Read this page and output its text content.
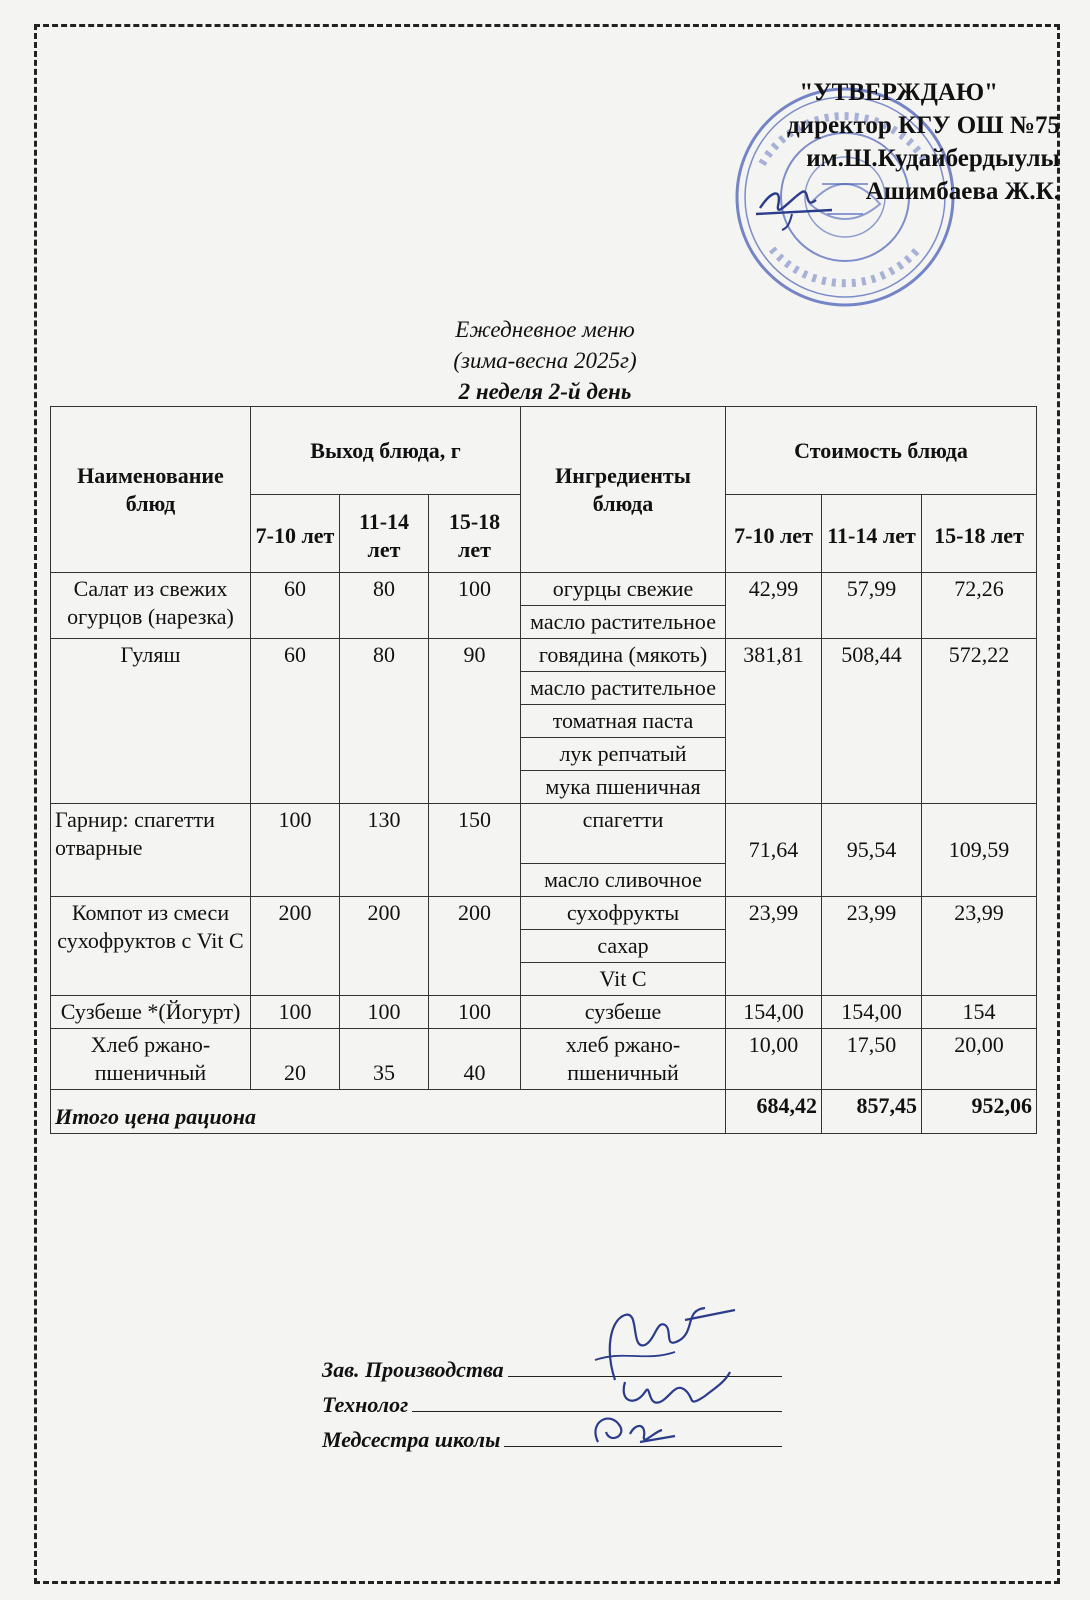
"УТВЕРЖДАЮ"
директор КГУ ОШ №75
им.Ш.Кудайбердыулы
Ашимбаева Ж.К.
Ежедневное меню
(зима-весна 2025г)
2 неделя 2-й день
Наименование блюд	Выход блюда, г			Ингредиенты блюда	Стоимость блюда		
	7-10 лет	11-14 лет	15-18 лет		7-10 лет	11-14 лет	15-18 лет
Салат из свежих огурцов (нарезка)	60	80	100	огурцы свежие	42,99	57,99	72,26
				масло растительное			
Гуляш	60	80	90	говядина (мякоть)	381,81	508,44	572,22
				масло растительное			
				томатная паста			
				лук репчатый			
				мука пшеничная			
Гарнир: спагетти отварные	100	130	150	спагетти	71,64	95,54	109,59
				масло сливочное			
Компот из смеси сухофруктов с Vit C	200	200	200	сухофрукты	23,99	23,99	23,99
				сахар			
				Vit C			
Сузбеше *(Йогурт)	100	100	100	сузбеше	154,00	154,00	154
Хлеб ржано-пшеничный	20	35	40	хлеб ржано-пшеничный	10,00	17,50	20,00
Итого цена рациона					684,42	857,45	952,06
Зав. Производства
Технолог
Медсестра школы
